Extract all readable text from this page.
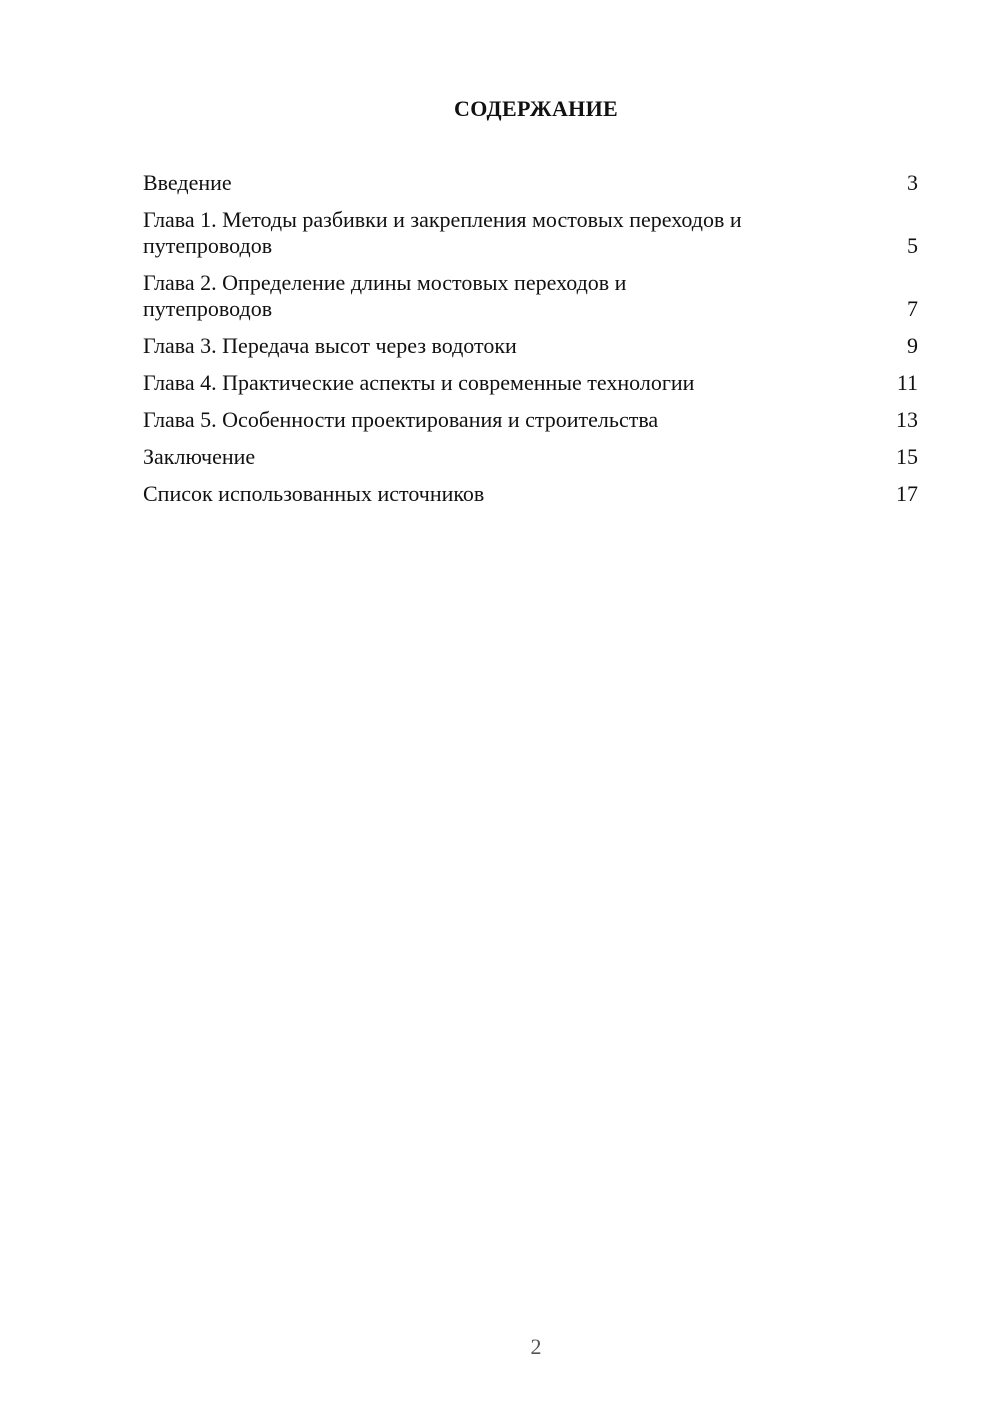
СОДЕРЖАНИЕ
Введение	3
Глава 1. Методы разбивки и закрепления мостовых переходов и путепроводов	5
Глава 2. Определение длины мостовых переходов и путепроводов	7
Глава 3. Передача высот через водотоки	9
Глава 4. Практические аспекты и современные технологии	11
Глава 5. Особенности проектирования и строительства	13
Заключение	15
Список использованных источников	17
2
